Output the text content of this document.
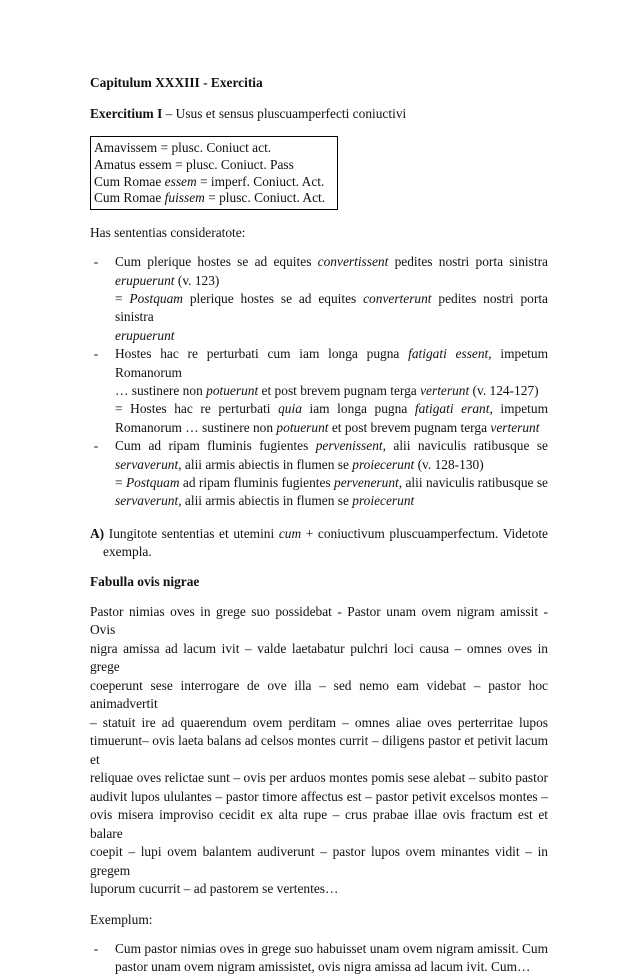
Capitulum XXXIII - Exercitia
Exercitium I – Usus et sensus pluscuamperfecti coniuctivi
Amavissem = plusc. Coniuct act.
Amatus essem = plusc. Coniuct. Pass
Cum Romae essem = imperf. Coniuct. Act.
Cum Romae fuissem = plusc. Coniuct. Act.
Has sententias consideratote:
- Cum plerique hostes se ad equites convertissent pedites nostri porta sinistra
erupuerunt (v. 123)
= Postquam plerique hostes se ad equites converterunt pedites nostri porta sinistra
erupuerunt
- Hostes hac re perturbati cum iam longa pugna fatigati essent, impetum Romanorum
… sustinere non potuerunt et post brevem pugnam terga verterunt (v. 124-127)
= Hostes hac re perturbati quia iam longa pugna fatigati erant, impetum
Romanorum … sustinere non potuerunt et post brevem pugnam terga verterunt
- Cum ad ripam fluminis fugientes pervenissent, alii naviculis ratibusque se
servaverunt, alii armis abiectis in flumen se proiecerunt (v. 128-130)
= Postquam ad ripam fluminis fugientes pervenerunt, alii naviculis ratibusque se
servaverunt, alii armis abiectis in flumen se proiecerunt
A) Iungitote sententias et utemini cum + coniuctivum pluscuamperfectum. Videtote
exempla.
Fabulla ovis nigrae
Pastor nimias oves in grege suo possidebat - Pastor unam ovem nigram amissit - Ovis
nigra amissa ad lacum ivit – valde laetabatur pulchri loci causa – omnes oves in grege
coeperunt sese interrogare de ove illa – sed nemo eam videbat – pastor hoc animadvertit
– statuit ire ad quaerendum ovem perditam – omnes aliae oves perterritae lupos
timuerunt– ovis laeta balans ad celsos montes currit – diligens pastor et petivit lacum et
reliquae oves relictae sunt – ovis per arduos montes pomis sese alebat – subito pastor
audivit lupos ululantes – pastor timore affectus est – pastor petivit excelsos montes –
ovis misera improviso cecidit ex alta rupe – crus prabae illae ovis fractum est et balare
coepit – lupi ovem balantem audiverunt – pastor lupos ovem minantes vidit – in gregem
luporum cucurrit – ad pastorem se vertentes…
Exemplum:
- Cum pastor nimias oves in grege suo habuisset unam ovem nigram amissit. Cum
pastor unam ovem nigram amissistet, ovis nigra amissa ad lacum ivit. Cum…
